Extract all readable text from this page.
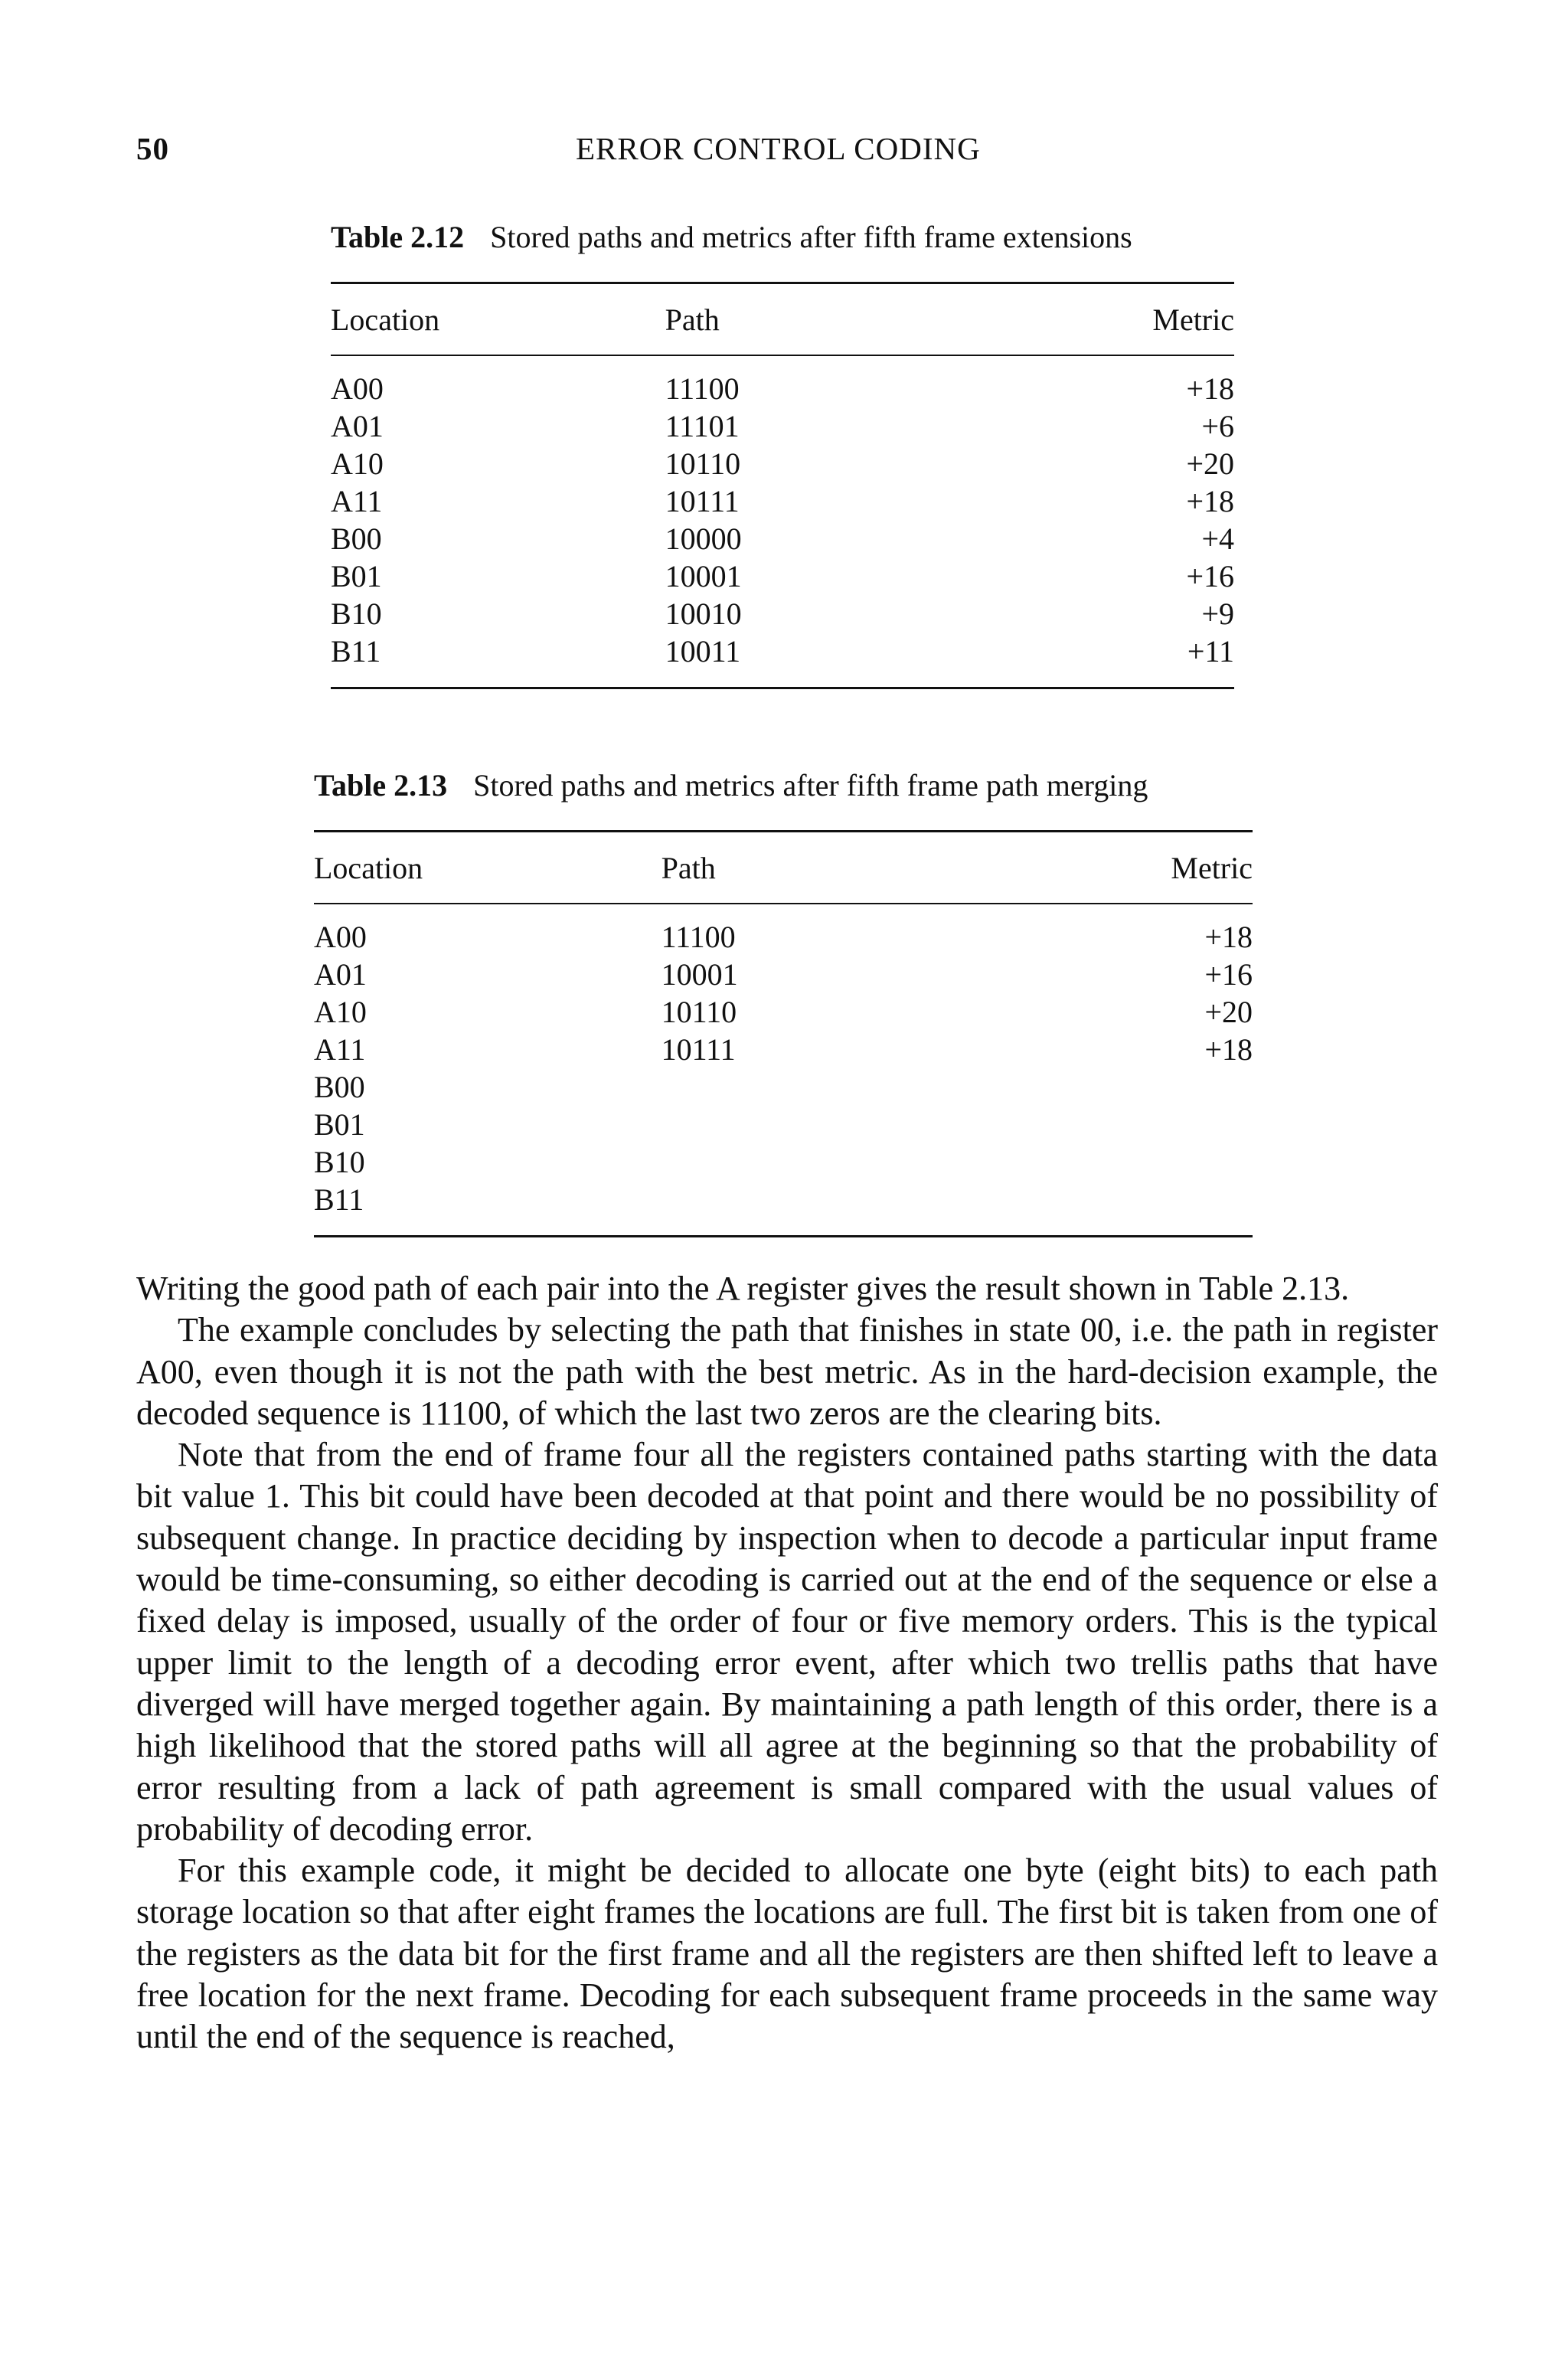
50	ERROR CONTROL CODING
Table 2.12 Stored paths and metrics after fifth frame extensions
Location	Path	Metric
A00	11100	+18
A01	11101	+6
A10	10110	+20
A11	10111	+18
B00	10000	+4
B01	10001	+16
B10	10010	+9
B11	10011	+11
Table 2.13 Stored paths and metrics after fifth frame path merging
Location	Path	Metric
A00	11100	+18
A01	10001	+16
A10	10110	+20
A11	10111	+18
B00		
B01		
B10		
B11		

Writing the good path of each pair into the A register gives the result shown in Table 2.13.

The example concludes by selecting the path that finishes in state 00, i.e. the path in register A00, even though it is not the path with the best metric. As in the hard-decision example, the decoded sequence is 11100, of which the last two zeros are the clearing bits.

Note that from the end of frame four all the registers contained paths starting with the data bit value 1. This bit could have been decoded at that point and there would be no possibility of subsequent change. In practice deciding by inspection when to decode a particular input frame would be time-consuming, so either decoding is carried out at the end of the sequence or else a fixed delay is imposed, usually of the order of four or five memory orders. This is the typical upper limit to the length of a decoding error event, after which two trellis paths that have diverged will have merged together again. By maintaining a path length of this order, there is a high likelihood that the stored paths will all agree at the beginning so that the probability of error resulting from a lack of path agreement is small compared with the usual values of probability of decoding error.

For this example code, it might be decided to allocate one byte (eight bits) to each path storage location so that after eight frames the locations are full. The first bit is taken from one of the registers as the data bit for the first frame and all the registers are then shifted left to leave a free location for the next frame. Decoding for each subsequent frame proceeds in the same way until the end of the sequence is reached,
